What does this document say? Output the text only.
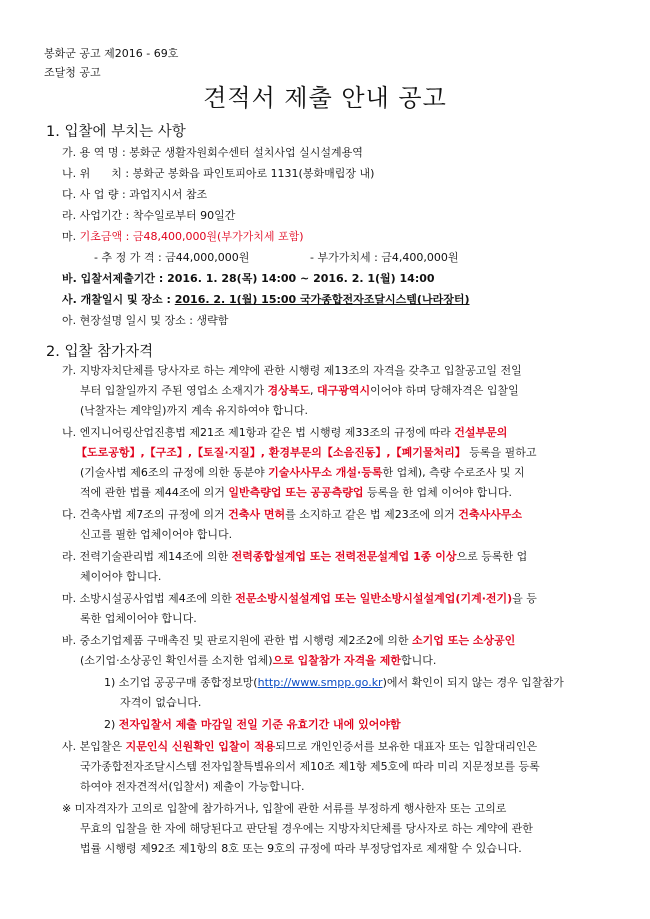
봉화군 공고 제2016 - 69호
조달청 공고
견적서 제출 안내 공고
1. 입찰에 부치는 사항
가. 용 역 명 : 봉화군 생활자원회수센터 설치사업 실시설계용역
나. 위      치 : 봉화군 봉화읍 파인토피아로 1131(봉화매립장 내)
다. 사 업 량 : 과업지시서 참조
라. 사업기간 : 착수일로부터 90일간
마. 기초금액 : 금48,400,000원(부가가치세 포함)
- 추 정 가 격 : 금44,000,000원	- 부가가치세 : 금4,400,000원
바. 입찰서제출기간 : 2016. 1. 28(목) 14:00 ~ 2016. 2. 1(월) 14:00
사. 개찰일시 및 장소 : 2016. 2. 1(월) 15:00 국가종합전자조달시스템(나라장터)
아. 현장설명 일시 및 장소 : 생략함
2. 입찰 참가자격
가. 지방자치단체를 당사자로 하는 계약에 관한 시행령 제13조의 자격을 갖추고 입찰공고일 전일
부터 입찰일까지 주된 영업소 소재지가 경상북도, 대구광역시이어야 하며 당해자격은 입찰일
(낙찰자는 계약일)까지 계속 유지하여야 합니다.
나. 엔지니어링산업진흥법 제21조 제1항과 같은 법 시행령 제33조의 규정에 따라 건설부문의
【도로공항】,【구조】,【토질·지질】, 환경부문의【소음진동】,【폐기물처리】 등록을 필하고
(기술사법 제6조의 규정에 의한 동분야 기술사사무소 개설·등록한 업체), 측량 수로조사 및 지
적에 관한 법률 제44조에 의거 일반측량업 또는 공공측량업 등록을 한 업체 이어야 합니다.
다. 건축사법 제7조의 규정에 의거 건축사 면허를 소지하고 같은 법 제23조에 의거 건축사사무소
신고를 필한 업체이어야 합니다.
라. 전력기술관리법 제14조에 의한 전력종합설계업 또는 전력전문설계업 1종 이상으로 등록한 업
체이어야 합니다.
마. 소방시설공사업법 제4조에 의한 전문소방시설설계업 또는 일반소방시설설계업(기계·전기)을 등
록한 업체이어야 합니다.
바. 중소기업제품 구매촉진 및 판로지원에 관한 법 시행령 제2조2에 의한 소기업 또는 소상공인
(소기업·소상공인 확인서를 소지한 업체)으로 입찰참가 자격을 제한합니다.
1) 소기업 공공구매 종합정보망(http://www.smpp.go.kr)에서 확인이 되지 않는 경우 입찰참가
자격이 없습니다.
2) 전자입찰서 제출 마감일 전일 기준 유효기간 내에 있어야함
사. 본입찰은 지문인식 신원확인 입찰이 적용되므로 개인인증서를 보유한 대표자 또는 입찰대리인은
국가종합전자조달시스템 전자입찰특별유의서 제10조 제1항 제5호에 따라 미리 지문정보를 등록
하여야 전자견적서(입찰서) 제출이 가능합니다.
※ 미자격자가 고의로 입찰에 참가하거나, 입찰에 관한 서류를 부정하게 행사한자 또는 고의로
무효의 입찰을 한 자에 해당된다고 판단될 경우에는 지방자치단체를 당사자로 하는 계약에 관한
법률 시행령 제92조 제1항의 8호 또는 9호의 규정에 따라 부정당업자로 제재할 수 있습니다.
